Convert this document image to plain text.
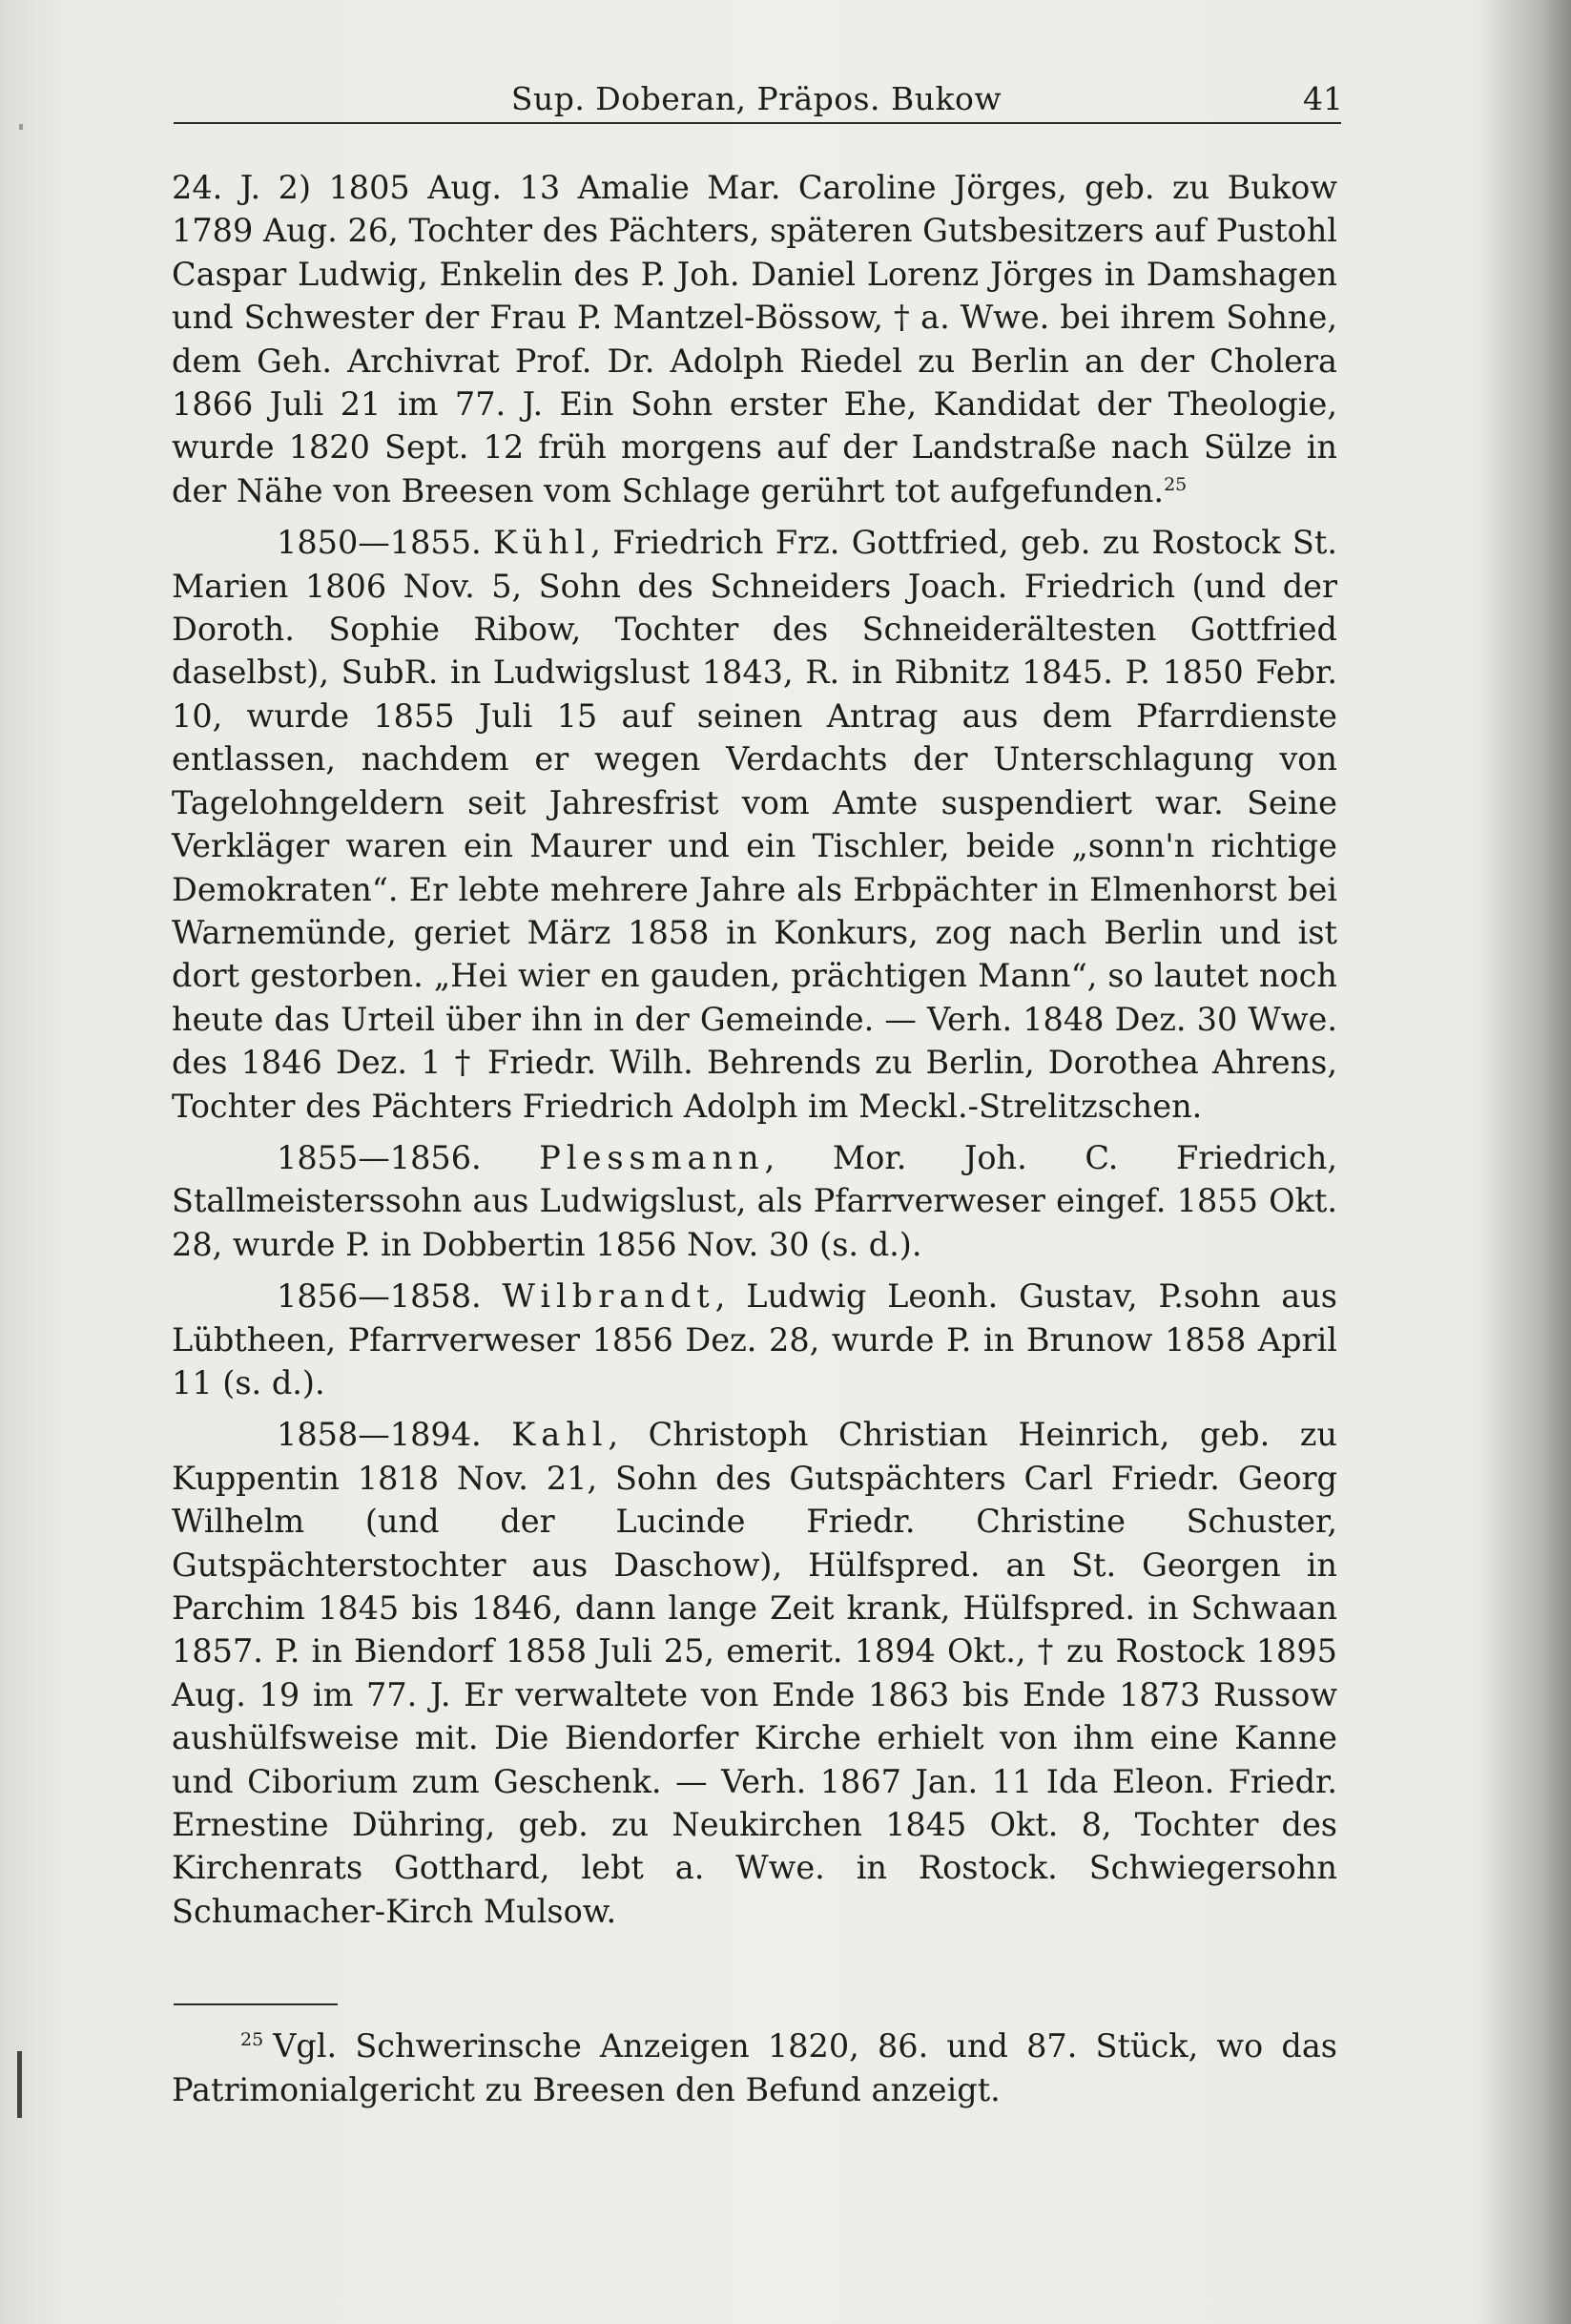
Sup. Doberan, Präpos. Bukow	41

24. J. 2) 1805 Aug. 13 Amalie Mar. Caroline Jörges, geb. zu Bukow 1789 Aug. 26, Tochter des Pächters, späteren Gutsbesitzers auf Pustohl Caspar Ludwig, Enkelin des P. Joh. Daniel Lorenz Jörges in Damshagen und Schwester der Frau P. Mantzel-Bössow, † a. Wwe. bei ihrem Sohne, dem Geh. Archivrat Prof. Dr. Adolph Riedel zu Berlin an der Cholera 1866 Juli 21 im 77. J. Ein Sohn erster Ehe, Kandidat der Theologie, wurde 1820 Sept. 12 früh morgens auf der Landstraße nach Sülze in der Nähe von Breesen vom Schlage gerührt tot aufgefunden.$^{25}$

1850—1855. Kühl, Friedrich Frz. Gottfried, geb. zu Rostock St. Marien 1806 Nov. 5, Sohn des Schneiders Joach. Friedrich (und der Doroth. Sophie Ribow, Tochter des Schneiderältesten Gottfried daselbst), SubR. in Ludwigslust 1843, R. in Ribnitz 1845. P. 1850 Febr. 10, wurde 1855 Juli 15 auf seinen Antrag aus dem Pfarrdienste entlassen, nachdem er wegen Verdachts der Unterschlagung von Tagelohngeldern seit Jahresfrist vom Amte suspendiert war. Seine Verkläger waren ein Maurer und ein Tischler, beide „sonn'n richtige Demokraten“. Er lebte mehrere Jahre als Erbpächter in Elmenhorst bei Warnemünde, geriet März 1858 in Konkurs, zog nach Berlin und ist dort gestorben. „Hei wier en gauden, prächtigen Mann“, so lautet noch heute das Urteil über ihn in der Gemeinde. — Verh. 1848 Dez. 30 Wwe. des 1846 Dez. 1 † Friedr. Wilh. Behrends zu Berlin, Dorothea Ahrens, Tochter des Pächters Friedrich Adolph im Meckl.-Strelitzschen.

1855—1856. Plessmann, Mor. Joh. C. Friedrich, Stallmeisterssohn aus Ludwigslust, als Pfarrverweser eingef. 1855 Okt. 28, wurde P. in Dobbertin 1856 Nov. 30 (s. d.).

1856—1858. Wilbrandt, Ludwig Leonh. Gustav, P.sohn aus Lübtheen, Pfarrverweser 1856 Dez. 28, wurde P. in Brunow 1858 April 11 (s. d.).

1858—1894. Kahl, Christoph Christian Heinrich, geb. zu Kuppentin 1818 Nov. 21, Sohn des Gutspächters Carl Friedr. Georg Wilhelm (und der Lucinde Friedr. Christine Schuster, Gutspächterstochter aus Daschow), Hülfspred. an St. Georgen in Parchim 1845 bis 1846, dann lange Zeit krank, Hülfspred. in Schwaan 1857. P. in Biendorf 1858 Juli 25, emerit. 1894 Okt., † zu Rostock 1895 Aug. 19 im 77. J. Er verwaltete von Ende 1863 bis Ende 1873 Russow aushülfsweise mit. Die Biendorfer Kirche erhielt von ihm eine Kanne und Ciborium zum Geschenk. — Verh. 1867 Jan. 11 Ida Eleon. Friedr. Ernestine Dühring, geb. zu Neukirchen 1845 Okt. 8, Tochter des Kirchenrats Gotthard, lebt a. Wwe. in Rostock. Schwiegersohn Schumacher-Kirch Mulsow.

$^{25}$ Vgl. Schwerinsche Anzeigen 1820, 86. und 87. Stück, wo das Patrimonialgericht zu Breesen den Befund anzeigt.
